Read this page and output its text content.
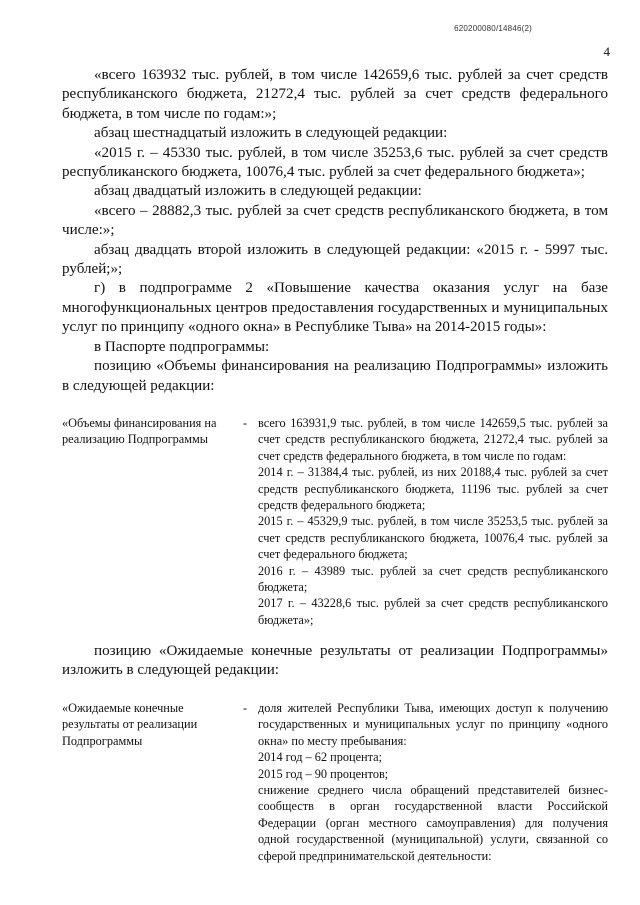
620200080/14846(2)
4

«всего 163932 тыс. рублей, в том числе 142659,6 тыс. рублей за счет средств республиканского бюджета, 21272,4 тыс. рублей за счет средств федерального бюджета, в том числе по годам:»;

абзац шестнадцатый изложить в следующей редакции:

«2015 г. – 45330 тыс. рублей, в том числе 35253,6 тыс. рублей за счет средств республиканского бюджета, 10076,4 тыс. рублей за счет федерального бюджета»;

абзац двадцатый изложить в следующей редакции:

«всего – 28882,3 тыс. рублей за счет средств республиканского бюджета, в том числе:»;

абзац двадцать второй изложить в следующей редакции: «2015 г. - 5997 тыс. рублей;»;

г) в подпрограмме 2 «Повышение качества оказания услуг на базе многофункциональных центров предоставления государственных и муниципальных услуг по принципу «одного окна» в Республике Тыва» на 2014-2015 годы»:

в Паспорте подпрограммы:

позицию «Объемы финансирования на реализацию Подпрограммы» изложить в следующей редакции:

«Объемы финансирования на реализацию Подпрограммы
- всего 163931,9 тыс. рублей, в том числе 142659,5 тыс. рублей за счет средств республиканского бюджета, 21272,4 тыс. рублей за счет средств федерального бюджета, в том числе по годам:

2014 г. – 31384,4 тыс. рублей, из них 20188,4 тыс. рублей за счет средств республиканского бюджета, 11196 тыс. рублей за счет средств федерального бюджета;

2015 г. – 45329,9 тыс. рублей, в том числе 35253,5 тыс. рублей за счет средств республиканского бюджета, 10076,4 тыс. рублей за счет федерального бюджета;

2016 г. – 43989 тыс. рублей за счет средств республиканского бюджета;

2017 г. – 43228,6 тыс. рублей за счет средств республиканского бюджета»;

позицию «Ожидаемые конечные результаты от реализации Подпрограммы» изложить в следующей редакции:

«Ожидаемые конечные результаты от реализации Подпрограммы
- доля жителей Республики Тыва, имеющих доступ к получению государственных и муниципальных услуг по принципу «одного окна» по месту пребывания:

2014 год – 62 процента;

2015 год – 90 процентов;

снижение среднего числа обращений представителей бизнес-сообществ в орган государственной власти Российской Федерации (орган местного самоуправления) для получения одной государственной (муниципальной) услуги, связанной со сферой предпринимательской деятельности:
